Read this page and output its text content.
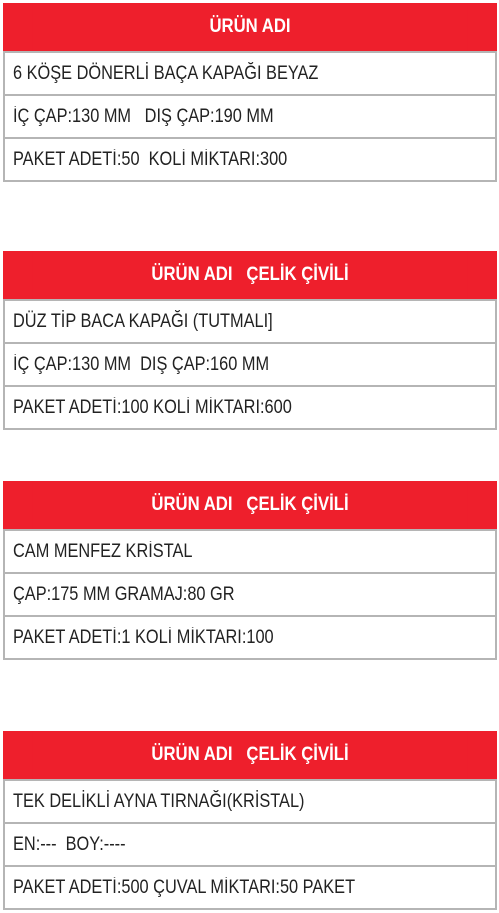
ÜRÜN ADI
6 KÖŞE DÖNERLİ BAÇA KAPAĞI BEYAZ
İÇ ÇAP:130 MM   DIŞ ÇAP:190 MM
PAKET ADETİ:50  KOLİ MİKTARI:300
ÜRÜN ADI   ÇELİK ÇİVİLİ
DÜZ TİP BACA KAPAĞI (TUTMALI]
İÇ ÇAP:130 MM  DIŞ ÇAP:160 MM
PAKET ADETİ:100 KOLİ MİKTARI:600
ÜRÜN ADI   ÇELİK ÇİVİLİ
CAM MENFEZ KRİSTAL
ÇAP:175 MM GRAMAJ:80 GR
PAKET ADETİ:1 KOLİ MİKTARI:100
ÜRÜN ADI   ÇELİK ÇİVİLİ
TEK DELİKLİ AYNA TIRNAĞI(KRİSTAL)
EN:---  BOY:----
PAKET ADETİ:500 ÇUVAL MİKTARI:50 PAKET
